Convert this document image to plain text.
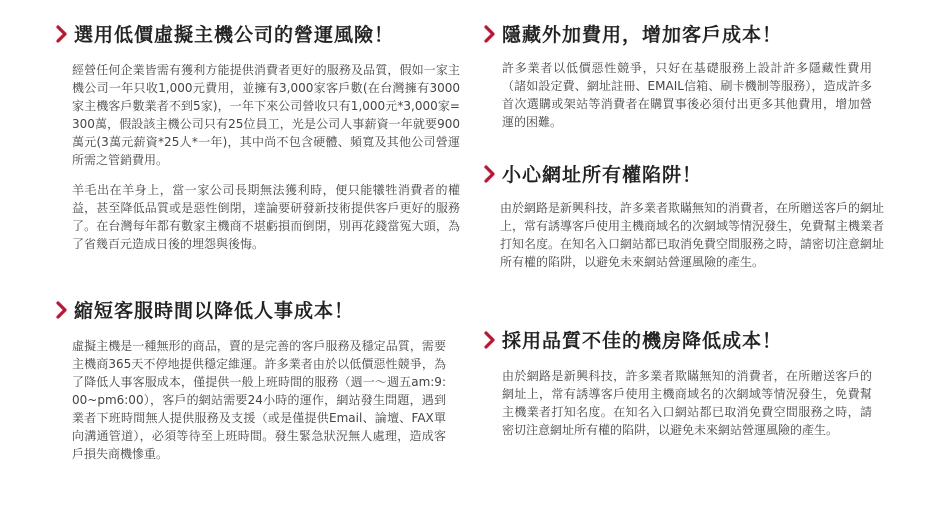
選用低價虛擬主機公司的營運風險！

經營任何企業皆需有獲利方能提供消費者更好的服務及品質，假如一家主機公司一年只收1,000元費用，並擁有3,000家客戶數(在台灣擁有3000家主機客戶數業者不到5家)，一年下來公司營收只有1,000元*3,000家=300萬，假設該主機公司只有25位員工，光是公司人事薪資一年就要900萬元(3萬元薪資*25人*一年)，其中尚不包含硬體、頻寬及其他公司營運所需之管銷費用。

羊毛出在羊身上，當一家公司長期無法獲利時，便只能犧牲消費者的權益，甚至降低品質或是惡性倒閉，達論要研發新技術提供客戶更好的服務了。在台灣每年都有數家主機商不堪虧損而倒閉，別再花錢當冤大頭，為了省幾百元造成日後的埋怨與後悔。

縮短客服時間以降低人事成本！

虛擬主機是一種無形的商品，賣的是完善的客戶服務及穩定品質，需要主機商365天不停地提供穩定維運。許多業者由於以低價惡性競爭，為了降低人事客服成本，僅提供一般上班時間的服務（週一～週五am:9:00~pm6:00），客戶的網站需要24小時的運作，網站發生問題，遇到業者下班時間無人提供服務及支援（或是僅提供Email、論壇、FAX單向溝通管道），必須等待至上班時間。發生緊急狀況無人處理，造成客戶損失商機慘重。

隱藏外加費用，增加客戶成本！

許多業者以低價惡性競爭，只好在基礎服務上設計許多隱藏性費用（諸如設定費、網址註冊、EMAIL信箱、刷卡機制等服務），造成許多首次選購或架站等消費者在購買事後必須付出更多其他費用，增加營運的困難。

小心網址所有權陷阱！

由於網路是新興科技，許多業者欺瞞無知的消費者，在所贈送客戶的網址上，常有誘導客戶使用主機商域名的次網域等情況發生，免費幫主機業者打知名度。在知名入口網站都已取消免費空間服務之時，請密切注意網址所有權的陷阱，以避免未來網站營運風險的產生。

採用品質不佳的機房降低成本！

由於網路是新興科技，許多業者欺瞞無知的消費者，在所贈送客戶的網址上，常有誘導客戶使用主機商域名的次網域等情況發生，免費幫主機業者打知名度。在知名入口網站都已取消免費空間服務之時，請密切注意網址所有權的陷阱，以避免未來網站營運風險的產生。
